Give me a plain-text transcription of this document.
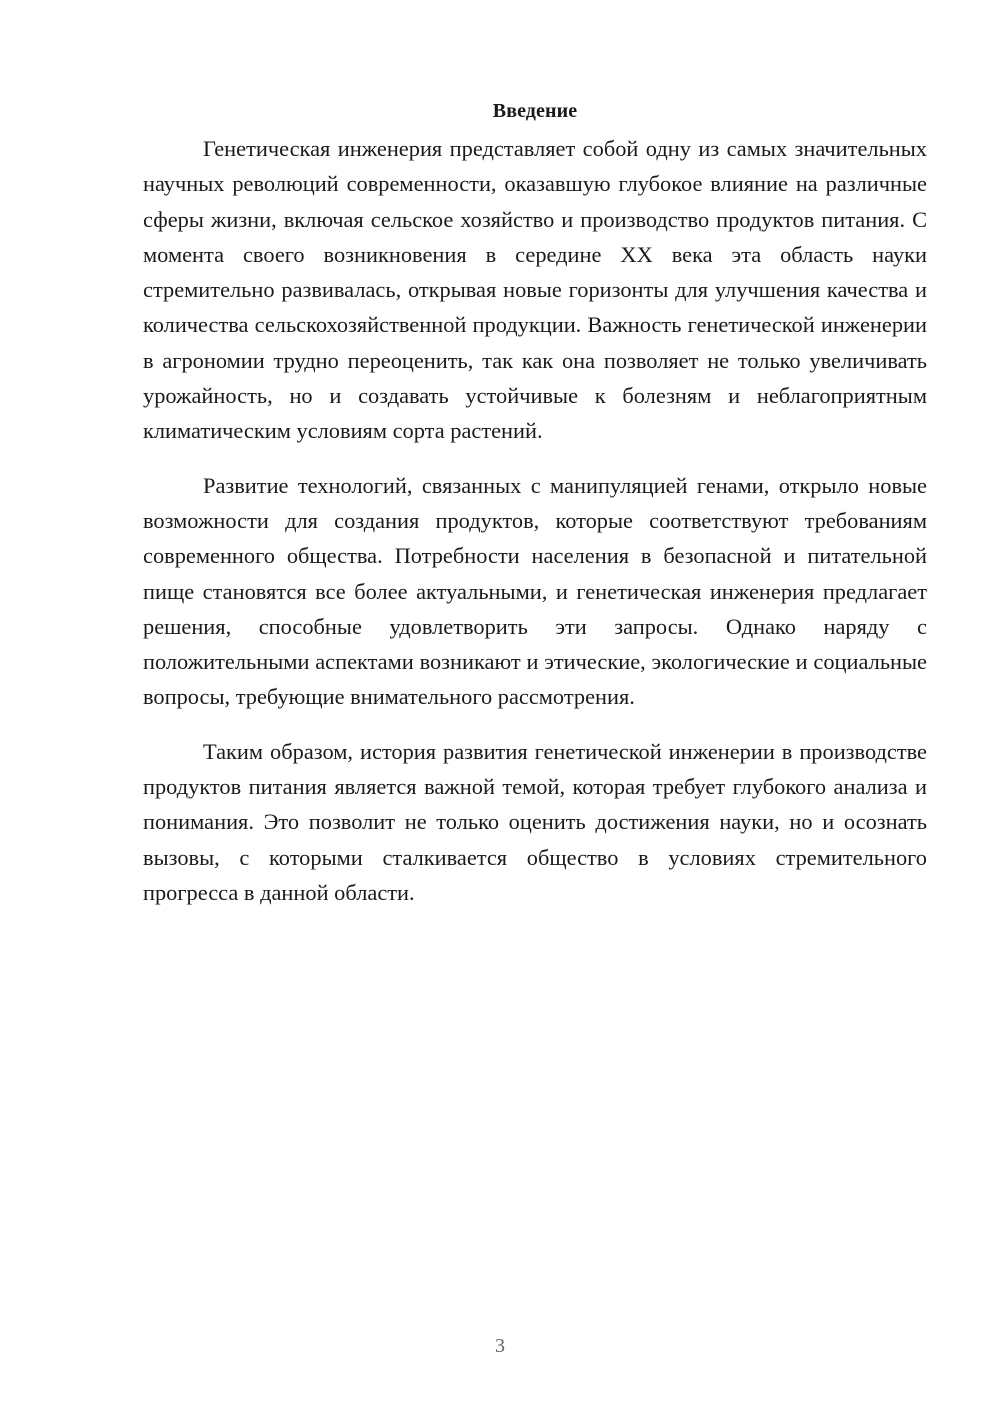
Введение

Генетическая инженерия представляет собой одну из самых значительных научных революций современности, оказавшую глубокое влияние на различные сферы жизни, включая сельское хозяйство и производство продуктов питания. С момента своего возникновения в середине XX века эта область науки стремительно развивалась, открывая новые горизонты для улучшения качества и количества сельскохозяйственной продукции. Важность генетической инженерии в агрономии трудно переоценить, так как она позволяет не только увеличивать урожайность, но и создавать устойчивые к болезням и неблагоприятным климатическим условиям сорта растений.

Развитие технологий, связанных с манипуляцией генами, открыло новые возможности для создания продуктов, которые соответствуют требованиям современного общества. Потребности населения в безопасной и питательной пище становятся все более актуальными, и генетическая инженерия предлагает решения, способные удовлетворить эти запросы. Однако наряду с положительными аспектами возникают и этические, экологические и социальные вопросы, требующие внимательного рассмотрения.

Таким образом, история развития генетической инженерии в производстве продуктов питания является важной темой, которая требует глубокого анализа и понимания. Это позволит не только оценить достижения науки, но и осознать вызовы, с которыми сталкивается общество в условиях стремительного прогресса в данной области.

3
